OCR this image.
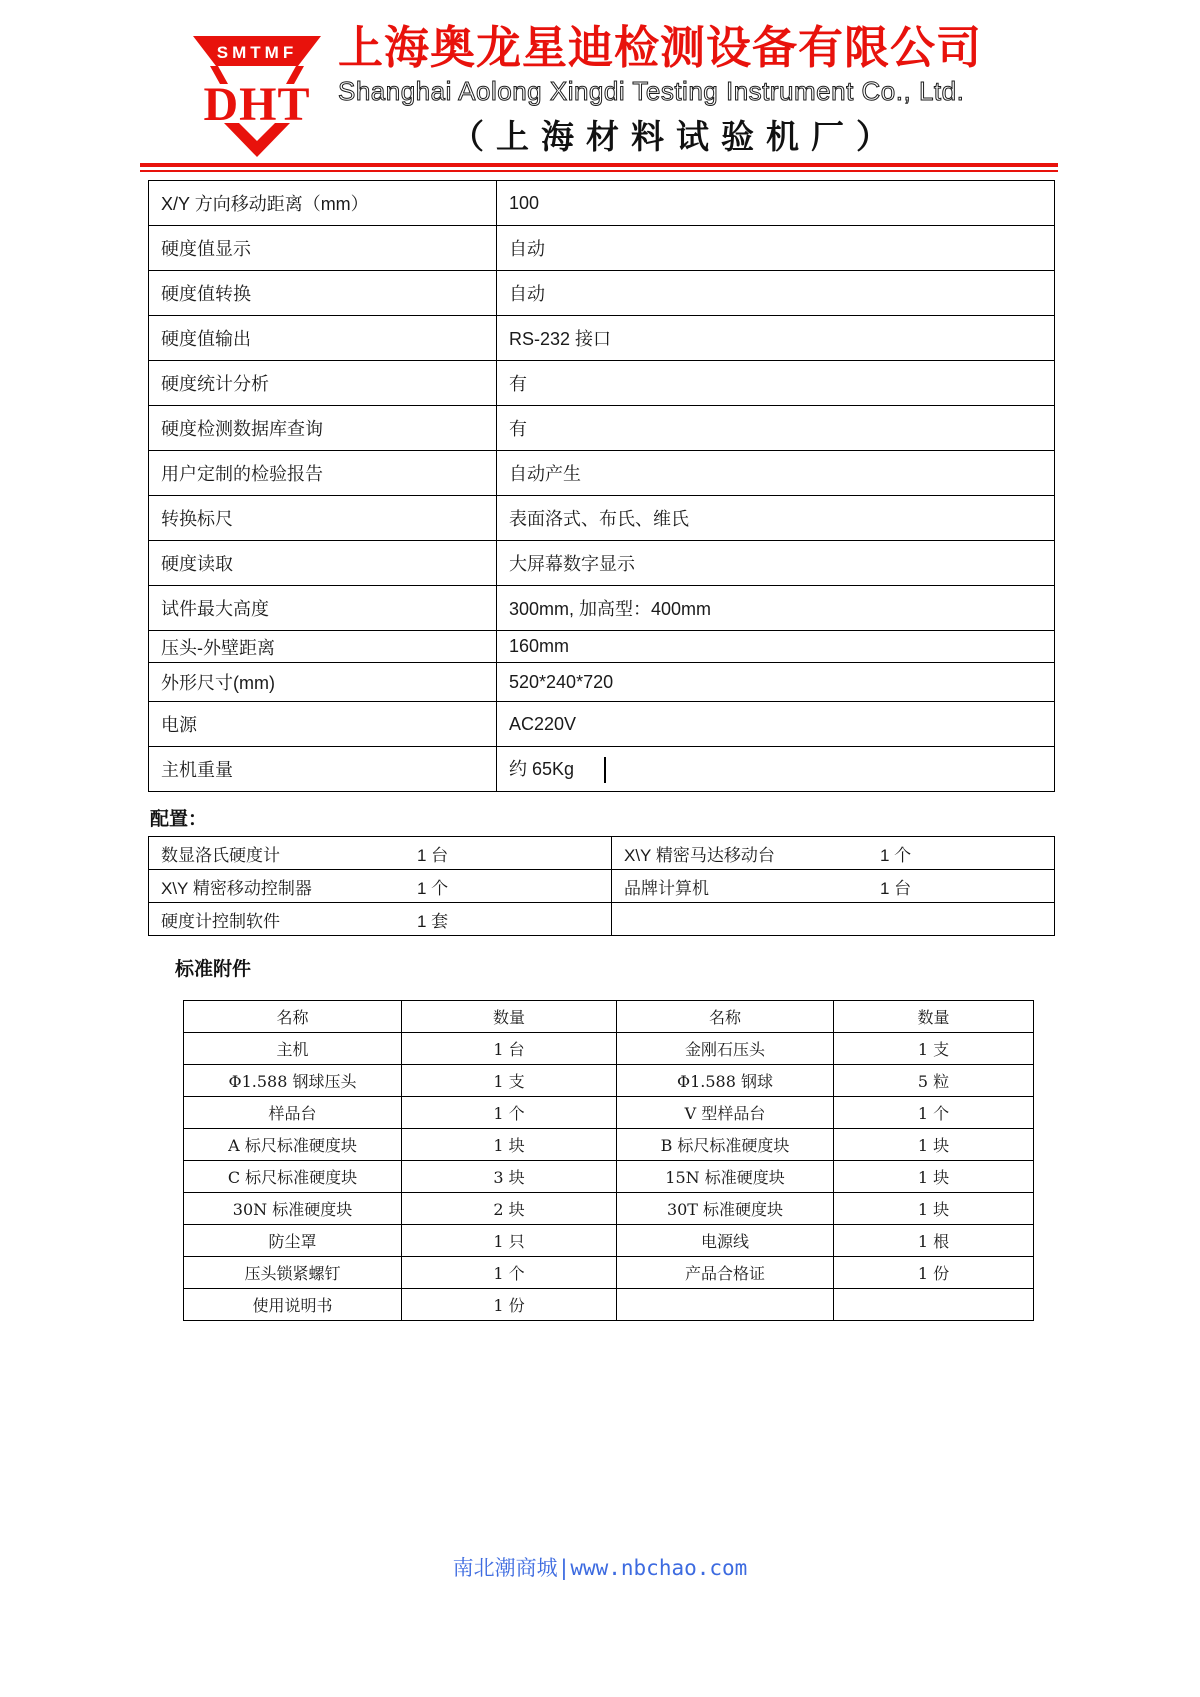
SMTMF
DHT
上海奥龙星迪检测设备有限公司
Shanghai Aolong Xingdi Testing Instrument Co., Ltd.
（上海材料试验机厂）
X/Y 方向移动距离（mm）	100
硬度值显示	自动
硬度值转换	自动
硬度值输出	RS-232 接口
硬度统计分析	有
硬度检测数据库查询	有
用户定制的检验报告	自动产生
转换标尺	表面洛式、布氏、维氏
硬度读取	大屏幕数字显示
试件最大高度	300mm, 加高型：400mm
压头-外壁距离	160mm
外形尺寸(mm)	520*240*720
电源	AC220V
主机重量	约 65Kg
配置：
数显洛氏硬度计 1 台	X\Y 精密马达移动台 1 个
X\Y 精密移动控制器 1 个	品牌计算机 1 台
硬度计控制软件 1 套	
标准附件
名称	数量	名称	数量
主机	1 台	金刚石压头	1 支
Φ1.588 钢球压头	1 支	Φ1.588 钢球	5 粒
样品台	1 个	V 型样品台	1 个
A 标尺标准硬度块	1 块	B 标尺标准硬度块	1 块
C 标尺标准硬度块	3 块	15N 标准硬度块	1 块
30N 标准硬度块	2 块	30T 标准硬度块	1 块
防尘罩	1 只	电源线	1 根
压头锁紧螺钉	1 个	产品合格证	1 份
使用说明书	1 份		
南北潮商城|www.nbchao.com
